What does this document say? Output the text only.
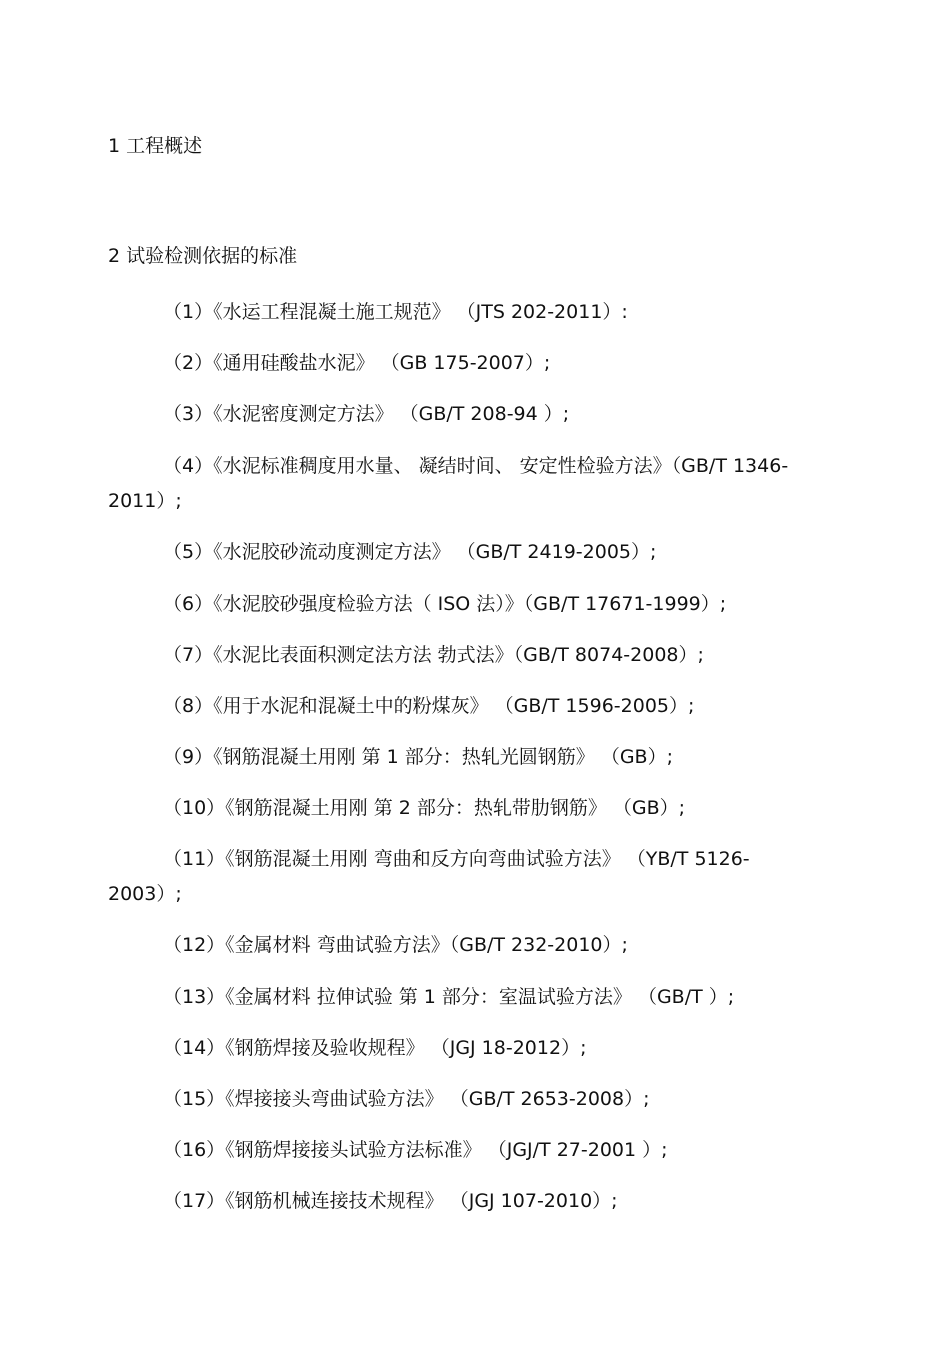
1 工程概述
2 试验检测依据的标准
（1）《水运工程混凝土施工规范》 （JTS 202-2011）:
（2）《通用硅酸盐水泥》 （GB 175-2007）;
（3）《水泥密度测定方法》 （GB/T 208-94 ）;
（4）《水泥标准稠度用水量、 凝结时间、 安定性检验方法》（GB/T 1346-
2011）;
（5）《水泥胶砂流动度测定方法》 （GB/T 2419-2005）;
（6）《水泥胶砂强度检验方法（ ISO 法）》（GB/T 17671-1999）;
（7）《水泥比表面积测定法方法 勃式法》（GB/T 8074-2008）;
（8）《用于水泥和混凝土中的粉煤灰》 （GB/T 1596-2005）;
（9）《钢筋混凝土用刚 第 1 部分：热轧光圆钢筋》 （GB）;
（10）《钢筋混凝土用刚 第 2 部分：热轧带肋钢筋》 （GB）;
（11）《钢筋混凝土用刚 弯曲和反方向弯曲试验方法》 （YB/T 5126-
2003）;
（12）《金属材料 弯曲试验方法》（GB/T 232-2010）;
（13）《金属材料 拉伸试验 第 1 部分：室温试验方法》 （GB/T ）;
（14）《钢筋焊接及验收规程》 （JGJ 18-2012）;
（15）《焊接接头弯曲试验方法》 （GB/T 2653-2008）;
（16）《钢筋焊接接头试验方法标准》 （JGJ/T 27-2001 ）;
（17）《钢筋机械连接技术规程》 （JGJ 107-2010）;
